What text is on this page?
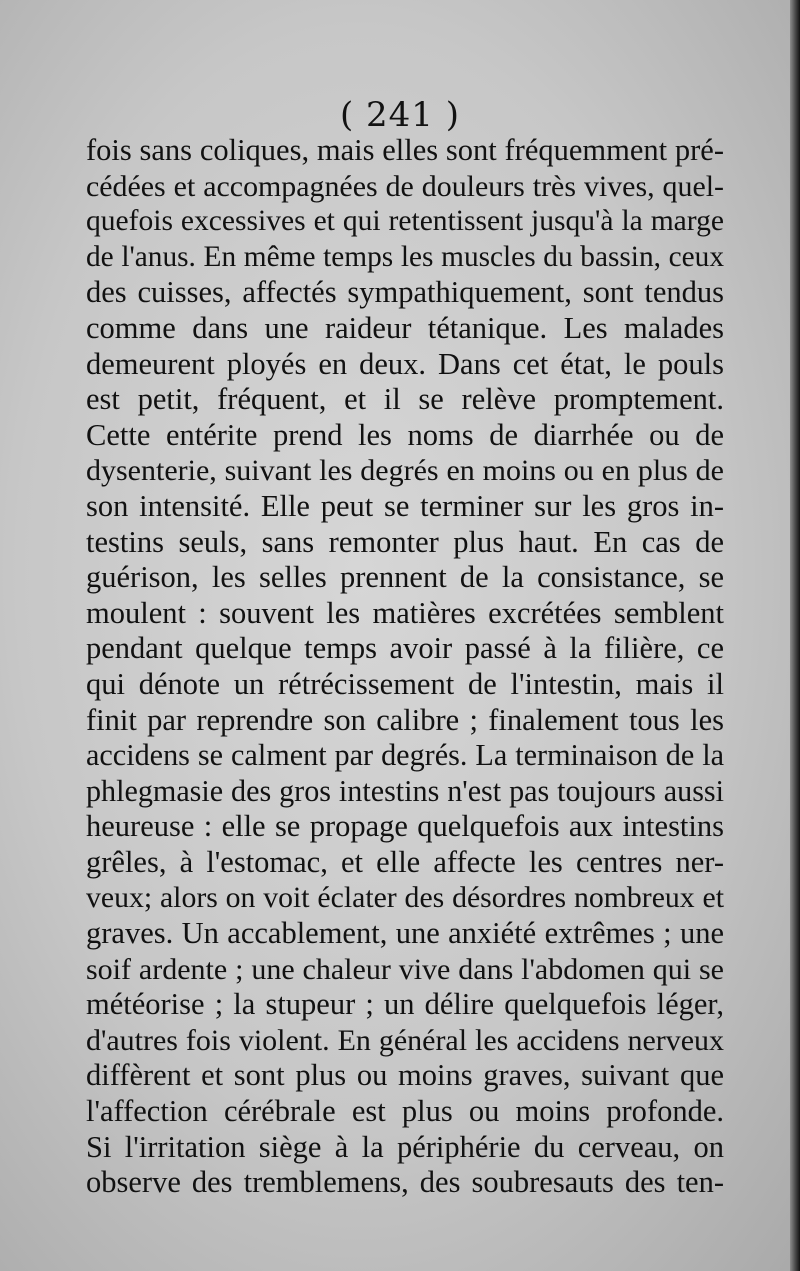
( 241 )
fois sans coliques, mais elles sont fréquemment pré-
cédées et accompagnées de douleurs très vives, quel-
quefois excessives et qui retentissent jusqu'à la marge
de l'anus. En même temps les muscles du bassin, ceux
des cuisses, affectés sympathiquement, sont tendus
comme dans une raideur tétanique. Les malades
demeurent ployés en deux. Dans cet état, le pouls
est petit, fréquent, et il se relève promptement.
Cette entérite prend les noms de diarrhée ou de
dysenterie, suivant les degrés en moins ou en plus de
son intensité. Elle peut se terminer sur les gros in-
testins seuls, sans remonter plus haut. En cas de
guérison, les selles prennent de la consistance, se
moulent : souvent les matières excrétées semblent
pendant quelque temps avoir passé à la filière, ce
qui dénote un rétrécissement de l'intestin, mais il
finit par reprendre son calibre ; finalement tous les
accidens se calment par degrés. La terminaison de la
phlegmasie des gros intestins n'est pas toujours aussi
heureuse : elle se propage quelquefois aux intestins
grêles, à l'estomac, et elle affecte les centres ner-
veux; alors on voit éclater des désordres nombreux et
graves. Un accablement, une anxiété extrêmes ; une
soif ardente ; une chaleur vive dans l'abdomen qui se
météorise ; la stupeur ; un délire quelquefois léger,
d'autres fois violent. En général les accidens nerveux
diffèrent et sont plus ou moins graves, suivant que
l'affection cérébrale est plus ou moins profonde.
Si l'irritation siège à la périphérie du cerveau, on
observe des tremblemens, des soubresauts des ten-
